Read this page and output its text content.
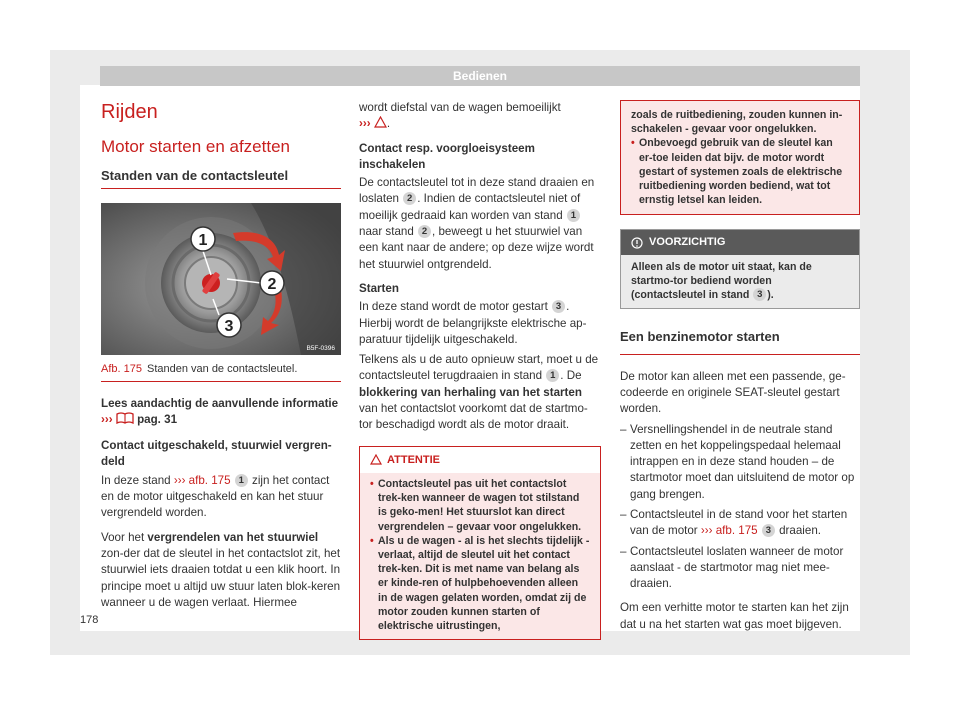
Bedienen
Rijden
Motor starten en afzetten
Standen van de contactsleutel
1
2
3
B5F-0396
Afb. 175 Standen van de contactsleutel.

Lees aandachtig de aanvullende informatie
››› pag. 31

Contact uitgeschakeld, stuurwiel vergren-deld

In deze stand ››› afb. 175 1 zijn het contact en de motor uitgeschakeld en kan het stuur vergrendeld worden.

Voor het vergrendelen van het stuurwiel zon-der dat de sleutel in het contactslot zit, het stuurwiel iets draaien totdat u een klik hoort. In principe moet u altijd uw stuur laten blok-keren wanneer u de wagen verlaat. Hiermee

wordt diefstal van de wagen bemoeilijkt
››› .

Contact resp. voorgloeisysteem inschakelen

De contactsleutel tot in deze stand draaien en loslaten 2 . Indien de contactsleutel niet of moeilijk gedraaid kan worden van stand 1 naar stand 2 , beweegt u het stuurwiel van een kant naar de andere; op deze wijze wordt het stuurwiel ontgrendeld.

Starten

In deze stand wordt de motor gestart 3 . Hierbij wordt de belangrijkste elektrische ap-paratuur tijdelijk uitgeschakeld.

Telkens als u de auto opnieuw start, moet u de contactsleutel terugdraaien in stand 1 . De blokkering van herhaling van het starten van het contactslot voorkomt dat de startmo-tor beschadigd wordt als de motor draait.

ATTENTIE
• Contactsleutel pas uit het contactslot trek-ken wanneer de wagen tot stilstand is geko-men! Het stuurslot kan direct vergrendelen – gevaar voor ongelukken.
• Als u de wagen - al is het slechts tijdelijk - verlaat, altijd de sleutel uit het contact trek-ken. Dit is met name van belang als er kinde-ren of hulpbehoevenden alleen in de wagen gelaten worden, omdat zij de motor zouden kunnen starten of elektrische uitrustingen,
zoals de ruitbediening, zouden kunnen in-schakelen - gevaar voor ongelukken.
• Onbevoegd gebruik van de sleutel kan er-toe leiden dat bijv. de motor wordt gestart of systemen zoals de elektrische ruitbediening worden bediend, wat tot ernstig letsel kan leiden.
VOORZICHTIG
Alleen als de motor uit staat, kan de startmo-tor bediend worden (contactsleutel in stand 3 ).
Een benzinemotor starten

De motor kan alleen met een passende, ge-codeerde en originele SEAT-sleutel gestart worden.

– Versnellingshendel in de neutrale stand zetten en het koppelingspedaal helemaal intrappen en in deze stand houden – de startmotor moet dan uitsluitend de motor op gang brengen.
– Contactsleutel in de stand voor het starten van de motor ››› afb. 175 3 draaien.
– Contactsleutel loslaten wanneer de motor aanslaat - de startmotor mag niet mee-draaien.

Om een verhitte motor te starten kan het zijn dat u na het starten wat gas moet bijgeven.

178
